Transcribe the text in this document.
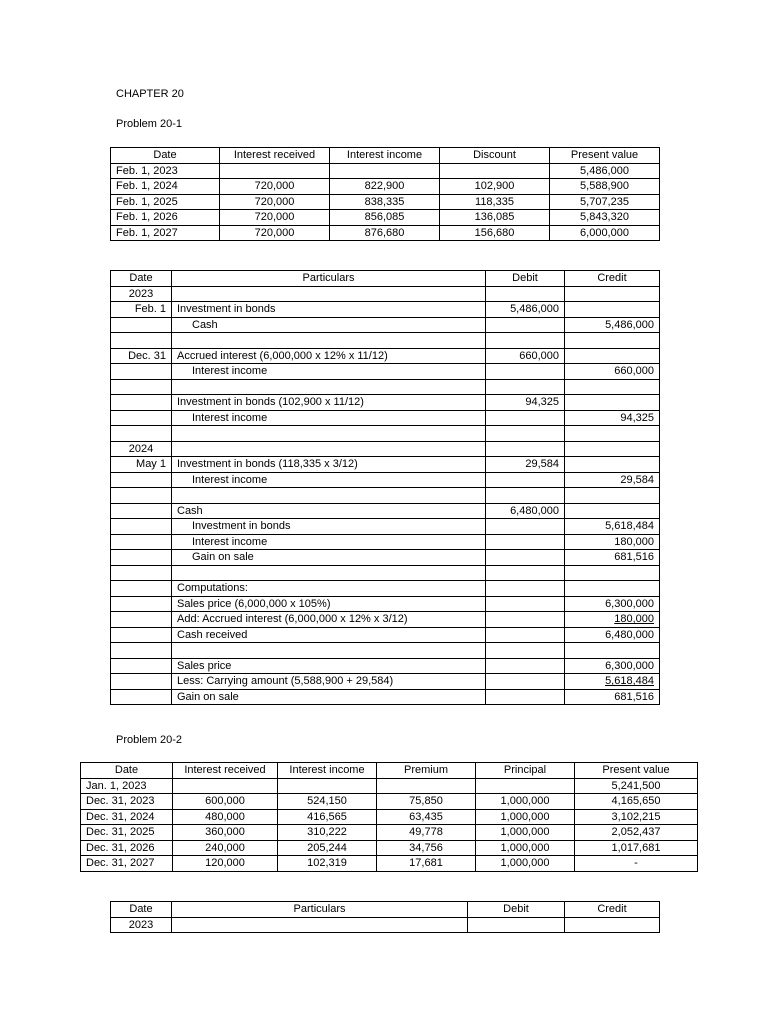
CHAPTER 20
Problem 20-1
Date	Interest received	Interest income	Discount	Present value
Feb. 1, 2023				5,486,000
Feb. 1, 2024	720,000	822,900	102,900	5,588,900
Feb. 1, 2025	720,000	838,335	118,335	5,707,235
Feb. 1, 2026	720,000	856,085	136,085	5,843,320
Feb. 1, 2027	720,000	876,680	156,680	6,000,000
Date	Particulars	Debit	Credit
2023			
Feb. 1	Investment in bonds	5,486,000	
	Cash		5,486,000

Dec. 31	Accrued interest (6,000,000 x 12% x 11/12)	660,000	
	Interest income		660,000

	Investment in bonds (102,900 x 11/12)	94,325	
	Interest income		94,325

2024			
May 1	Investment in bonds (118,335 x 3/12)	29,584	
	Interest income		29,584

	Cash	6,480,000	
	Investment in bonds		5,618,484
	Interest income		180,000
	Gain on sale		681,516

	Computations:		
	Sales price (6,000,000 x 105%)		6,300,000
	Add: Accrued interest (6,000,000 x 12% x 3/12)		180,000
	Cash received		6,480,000

	Sales price		6,300,000
	Less: Carrying amount (5,588,900 + 29,584)		5,618,484
	Gain on sale		681,516
Problem 20-2
Date	Interest received	Interest income	Premium	Principal	Present value
Jan. 1, 2023					5,241,500
Dec. 31, 2023	600,000	524,150	75,850	1,000,000	4,165,650
Dec. 31, 2024	480,000	416,565	63,435	1,000,000	3,102,215
Dec. 31, 2025	360,000	310,222	49,778	1,000,000	2,052,437
Dec. 31, 2026	240,000	205,244	34,756	1,000,000	1,017,681
Dec. 31, 2027	120,000	102,319	17,681	1,000,000	-
Date	Particulars	Debit	Credit
2023			
